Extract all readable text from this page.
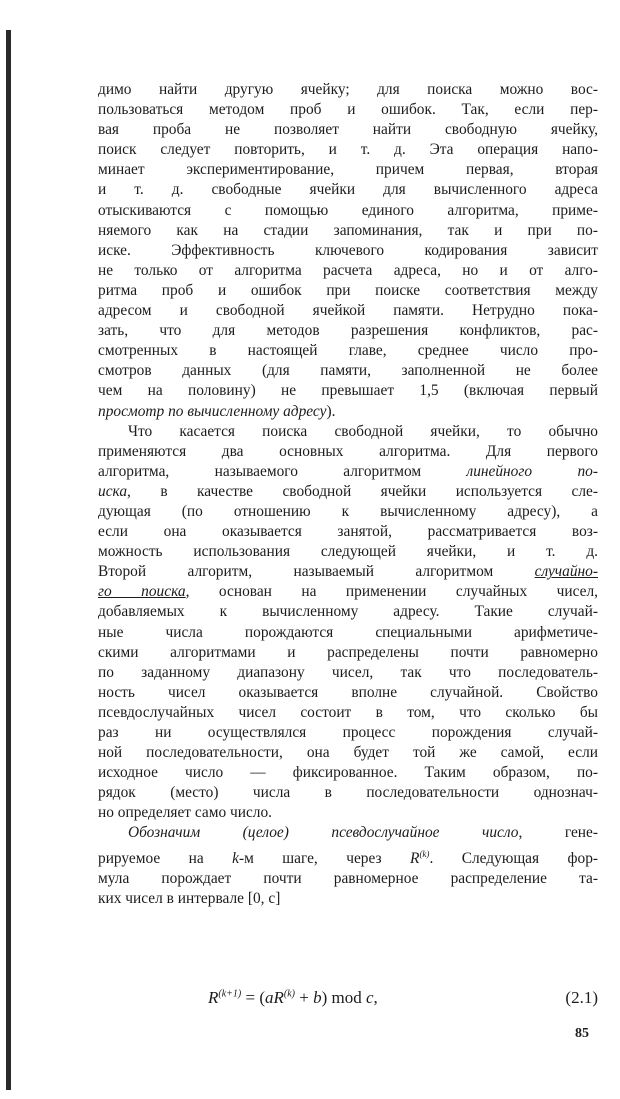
димо найти другую ячейку; для поиска можно вос-
пользоваться методом проб и ошибок. Так, если пер-
вая проба не позволяет найти свободную ячейку,
поиск следует повторить, и т. д. Эта операция напо-
минает экспериментирование, причем первая, вторая
и т. д. свободные ячейки для вычисленного адреса
отыскиваются с помощью единого алгоритма, приме-
няемого как на стадии запоминания, так и при по-
иске. Эффективность ключевого кодирования зависит
не только от алгоритма расчета адреса, но и от алго-
ритма проб и ошибок при поиске соответствия между
адресом и свободной ячейкой памяти. Нетрудно пока-
зать, что для методов разрешения конфликтов, рас-
смотренных в настоящей главе, среднее число про-
смотров данных (для памяти, заполненной не более
чем на половину) не превышает 1,5 (включая первый
просмотр по вычисленному адресу).

Что касается поиска свободной ячейки, то обычно
применяются два основных алгоритма. Для первого
алгоритма, называемого алгоритмом линейного по-
иска, в качестве свободной ячейки используется сле-
дующая (по отношению к вычисленному адресу), а
если она оказывается занятой, рассматривается воз-
можность использования следующей ячейки, и т. д.
Второй алгоритм, называемый алгоритмом случайно-
го поиска, основан на применении случайных чисел,
добавляемых к вычисленному адресу. Такие случай-
ные числа порождаются специальными арифметиче-
скими алгоритмами и распределены почти равномерно
по заданному диапазону чисел, так что последователь-
ность чисел оказывается вполне случайной. Свойство
псевдослучайных чисел состоит в том, что сколько бы
раз ни осуществлялся процесс порождения случай-
ной последовательности, она будет той же самой, если
исходное число — фиксированное. Таким образом, по-
рядок (место) числа в последовательности однознач-
но определяет само число.

Обозначим (целое) псевдослучайное число, гене-
рируемое на k-м шаге, через $R^{(k)}$. Следующая фор-
мула порождает почти равномерное распределение та-
ких чисел в интервале [0, c]

$R^{(k+1)} = (aR^{(k)} + b)$ mod c,	(2.1)
85
